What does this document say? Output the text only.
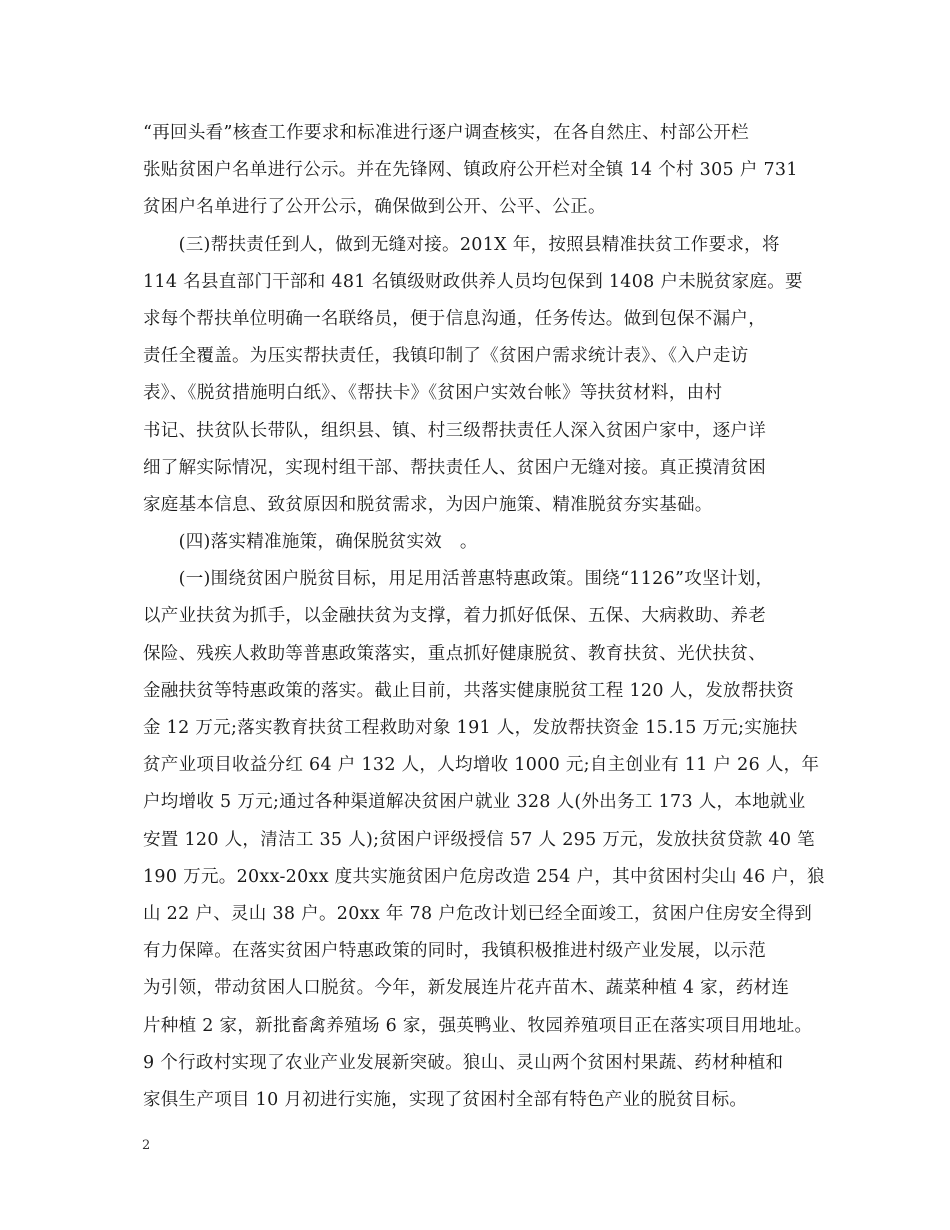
“再回头看”核查工作要求和标准进行逐户调查核实，在各自然庄、村部公开栏
张贴贫困户名单进行公示。并在先锋网、镇政府公开栏对全镇 14 个村 305 户 731
贫困户名单进行了公开公示，确保做到公开、公平、公正。
　　(三)帮扶责任到人，做到无缝对接。201X 年，按照县精准扶贫工作要求，将
114 名县直部门干部和 481 名镇级财政供养人员均包保到 1408 户未脱贫家庭。要
求每个帮扶单位明确一名联络员，便于信息沟通，任务传达。做到包保不漏户，
责任全覆盖。为压实帮扶责任，我镇印制了《贫困户需求统计表》、《入户走访
表》、《脱贫措施明白纸》、《帮扶卡》《贫困户实效台帐》等扶贫材料，由村
书记、扶贫队长带队，组织县、镇、村三级帮扶责任人深入贫困户家中，逐户详
细了解实际情况，实现村组干部、帮扶责任人、贫困户无缝对接。真正摸清贫困
家庭基本信息、致贫原因和脱贫需求，为因户施策、精准脱贫夯实基础。
　　(四)落实精准施策，确保脱贫实效　。
　　(一)围绕贫困户脱贫目标，用足用活普惠特惠政策。围绕“1126”攻坚计划，
以产业扶贫为抓手，以金融扶贫为支撑，着力抓好低保、五保、大病救助、养老
保险、残疾人救助等普惠政策落实，重点抓好健康脱贫、教育扶贫、光伏扶贫、
金融扶贫等特惠政策的落实。截止目前，共落实健康脱贫工程 120 人，发放帮扶资
金 12 万元;落实教育扶贫工程救助对象 191 人，发放帮扶资金 15.15 万元;实施扶
贫产业项目收益分红 64 户 132 人，人均增收 1000 元;自主创业有 11 户 26 人，年
户均增收 5 万元;通过各种渠道解决贫困户就业 328 人(外出务工 173 人，本地就业
安置 120 人，清洁工 35 人);贫困户评级授信 57 人 295 万元，发放扶贫贷款 40 笔
190 万元。20xx-20xx 度共实施贫困户危房改造 254 户，其中贫困村尖山 46 户，狼
山 22 户、灵山 38 户。20xx 年 78 户危改计划已经全面竣工，贫困户住房安全得到
有力保障。在落实贫困户特惠政策的同时，我镇积极推进村级产业发展，以示范
为引领，带动贫困人口脱贫。今年，新发展连片花卉苗木、蔬菜种植 4 家，药材连
片种植 2 家，新批畜禽养殖场 6 家，强英鸭业、牧园养殖项目正在落实项目用地址。
9 个行政村实现了农业产业发展新突破。狼山、灵山两个贫困村果蔬、药材种植和
家俱生产项目 10 月初进行实施，实现了贫困村全部有特色产业的脱贫目标。
2
